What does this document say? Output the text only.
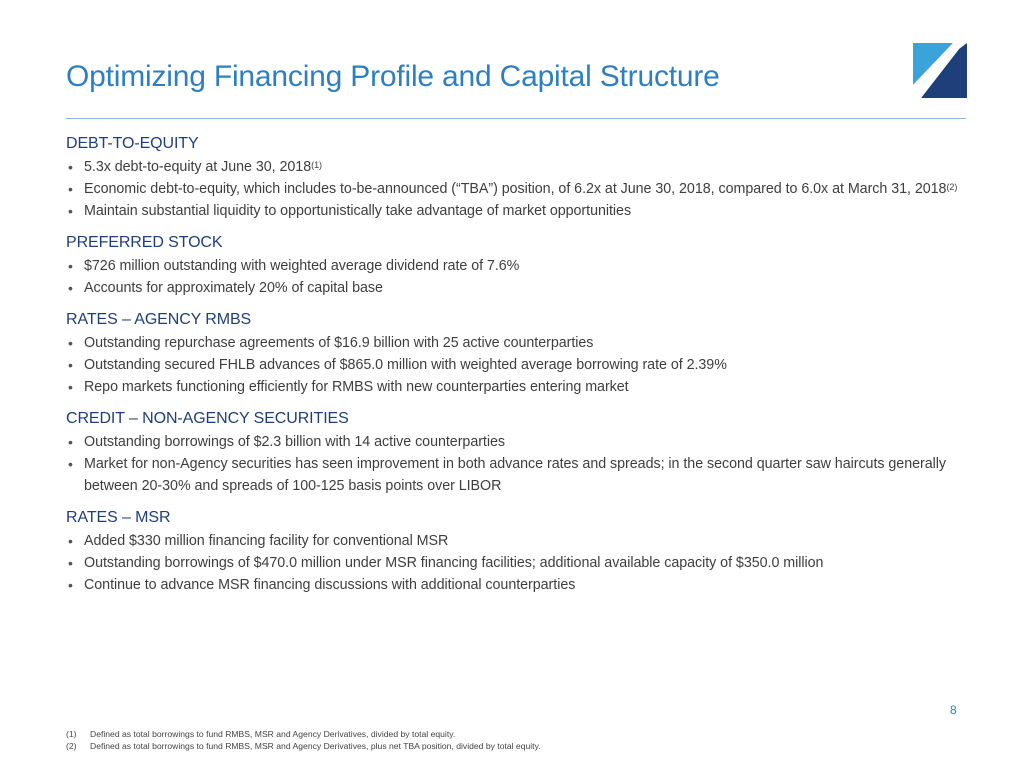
Optimizing Financing Profile and Capital Structure
DEBT-TO-EQUITY
• 5.3x debt-to-equity at June 30, 2018$^{(1)}$
• Economic debt-to-equity, which includes to-be-announced (“TBA”) position, of 6.2x at June 30, 2018, compared to 6.0x at March 31, 2018$^{(2)}$
• Maintain substantial liquidity to opportunistically take advantage of market opportunities
PREFERRED STOCK
• $726 million outstanding with weighted average dividend rate of 7.6%
• Accounts for approximately 20% of capital base
RATES – AGENCY RMBS
• Outstanding repurchase agreements of $16.9 billion with 25 active counterparties
• Outstanding secured FHLB advances of $865.0 million with weighted average borrowing rate of 2.39%
• Repo markets functioning efficiently for RMBS with new counterparties entering market
CREDIT – NON-AGENCY SECURITIES
• Outstanding borrowings of $2.3 billion with 14 active counterparties
• Market for non-Agency securities has seen improvement in both advance rates and spreads; in the second quarter saw haircuts generally between 20-30% and spreads of 100-125 basis points over LIBOR
RATES – MSR
• Added $330 million financing facility for conventional MSR
• Outstanding borrowings of $470.0 million under MSR financing facilities; additional available capacity of $350.0 million
• Continue to advance MSR financing discussions with additional counterparties
8
(1) Defined as total borrowings to fund RMBS, MSR and Agency Derivatives, divided by total equity.
(2) Defined as total borrowings to fund RMBS, MSR and Agency Derivatives, plus net TBA position, divided by total equity.
